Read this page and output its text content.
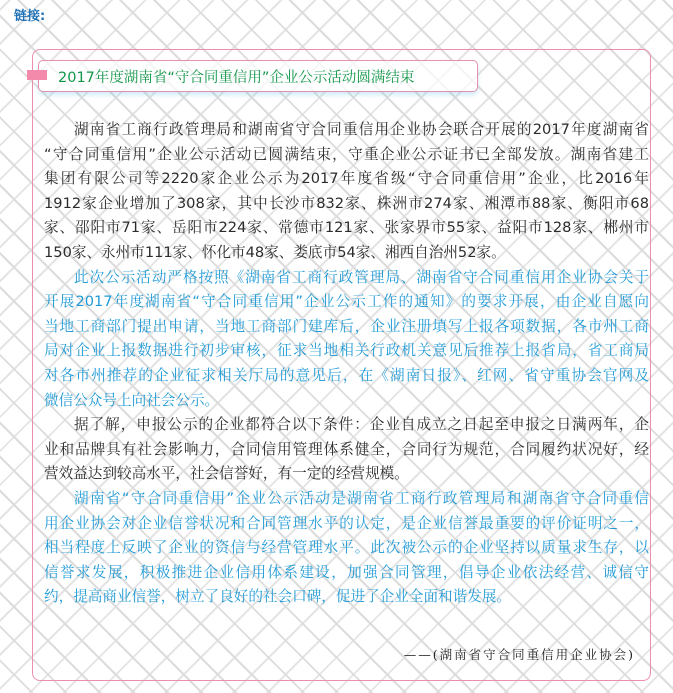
链接:
2017年度湖南省“守合同重信用”企业公示活动圆满结束
湖南省工商行政管理局和湖南省守合同重信用企业协会联合开展的2017年度湖南省
“守合同重信用”企业公示活动已圆满结束，守重企业公示证书已全部发放。湖南省建工
集团有限公司等2220家企业公示为2017年度省级“守合同重信用”企业，比2016年
1912家企业增加了308家，其中长沙市832家、株洲市274家、湘潭市88家、衡阳市68
家、邵阳市71家、岳阳市224家、常德市121家、张家界市55家、益阳市128家、郴州市
150家、永州市111家、怀化市48家、娄底市54家、湘西自治州52家。
此次公示活动严格按照《湖南省工商行政管理局、湖南省守合同重信用企业协会关于
开展2017年度湖南省“守合同重信用”企业公示工作的通知》的要求开展，由企业自愿向
当地工商部门提出申请，当地工商部门建库后，企业注册填写上报各项数据，各市州工商
局对企业上报数据进行初步审核，征求当地相关行政机关意见后推荐上报省局，省工商局
对各市州推荐的企业征求相关厅局的意见后，在《湖南日报》、红网、省守重协会官网及
微信公众号上向社会公示。
据了解，申报公示的企业都符合以下条件：企业自成立之日起至申报之日满两年，企
业和品牌具有社会影响力，合同信用管理体系健全，合同行为规范，合同履约状况好，经
营效益达到较高水平，社会信誉好，有一定的经营规模。
湖南省“守合同重信用”企业公示活动是湖南省工商行政管理局和湖南省守合同重信
用企业协会对企业信誉状况和合同管理水平的认定，是企业信誉最重要的评价证明之一，
相当程度上反映了企业的资信与经营管理水平。此次被公示的企业坚持以质量求生存，以
信誉求发展，积极推进企业信用体系建设，加强合同管理，倡导企业依法经营、诚信守
约，提高商业信誉，树立了良好的社会口碑，促进了企业全面和谐发展。
——(湖南省守合同重信用企业协会)
